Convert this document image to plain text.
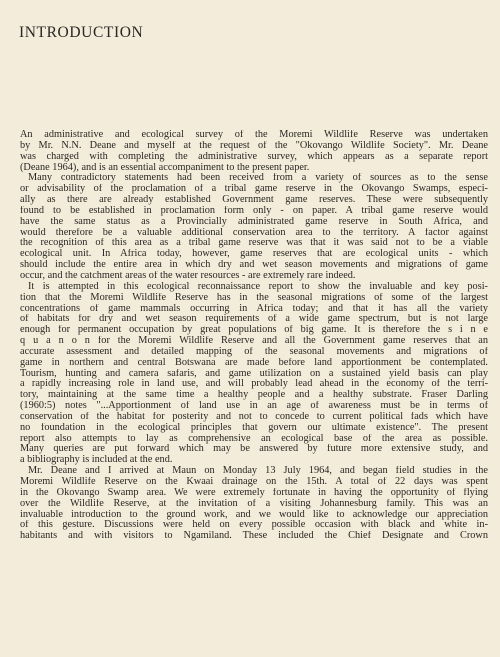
INTRODUCTION
An administrative and ecological survey of the Moremi Wildlife Reserve was undertaken
by Mr. N.N. Deane and myself at the request of the "Okovango Wildlife Society". Mr. Deane
was charged with completing the administrative survey, which appears as a separate report
(Deane 1964), and is an essential accompaniment to the present paper.
Many contradictory statements had been received from a variety of sources as to the sense
or advisability of the proclamation of a tribal game reserve in the Okovango Swamps, especi-
ally as there are already established Government game reserves. These were subsequently
found to be established in proclamation form only - on paper. A tribal game reserve would
have the same status as a Provincially administrated game reserve in South Africa, and
would therefore be a valuable additional conservation area to the territory. A factor against
the recognition of this area as a tribal game reserve was that it was said not to be a viable
ecological unit. In Africa today, however, game reserves that are ecological units - which
should include the entire area in which dry and wet season movements and migrations of game
occur, and the catchment areas of the water resources - are extremely rare indeed.
It is attempted in this ecological reconnaissance report to show the invaluable and key posi-
tion that the Moremi Wildlife Reserve has in the seasonal migrations of some of the largest
concentrations of game mammals occurring in Africa today; and that it has all the variety
of habitats for dry and wet season requirements of a wide game spectrum, but is not large
enough for permanent occupation by great populations of big game. It is therefore the s i n e
q u a n o n for the Moremi Wildlife Reserve and all the Government game reserves that an
accurate assessment and detailed mapping of the seasonal movements and migrations of
game in northern and central Botswana are made before land apportionment be contemplated.
Tourism, hunting and camera safaris, and game utilization on a sustained yield basis can play
a rapidly increasing role in land use, and will probably lead ahead in the economy of the terri-
tory, maintaining at the same time a healthy people and a healthy substrate. Fraser Darling
(1960:5) notes "...Apportionment of land use in an age of awareness must be in terms of
conservation of the habitat for posterity and not to concede to current political fads which have
no foundation in the ecological principles that govern our ultimate existence". The present
report also attempts to lay as comprehensive an ecological base of the area as possible.
Many queries are put forward which may be answered by future more extensive study, and
a bibliography is included at the end.
Mr. Deane and I arrived at Maun on Monday 13 July 1964, and began field studies in the
Moremi Wildlife Reserve on the Kwaai drainage on the 15th. A total of 22 days was spent
in the Okovango Swamp area. We were extremely fortunate in having the opportunity of flying
over the Wildlife Reserve, at the invitation of a visiting Johannesburg family. This was an
invaluable introduction to the ground work, and we would like to acknowledge our appreciation
of this gesture. Discussions were held on every possible occasion with black and white in-
habitants and with visitors to Ngamiland. These included the Chief Designate and Crown
